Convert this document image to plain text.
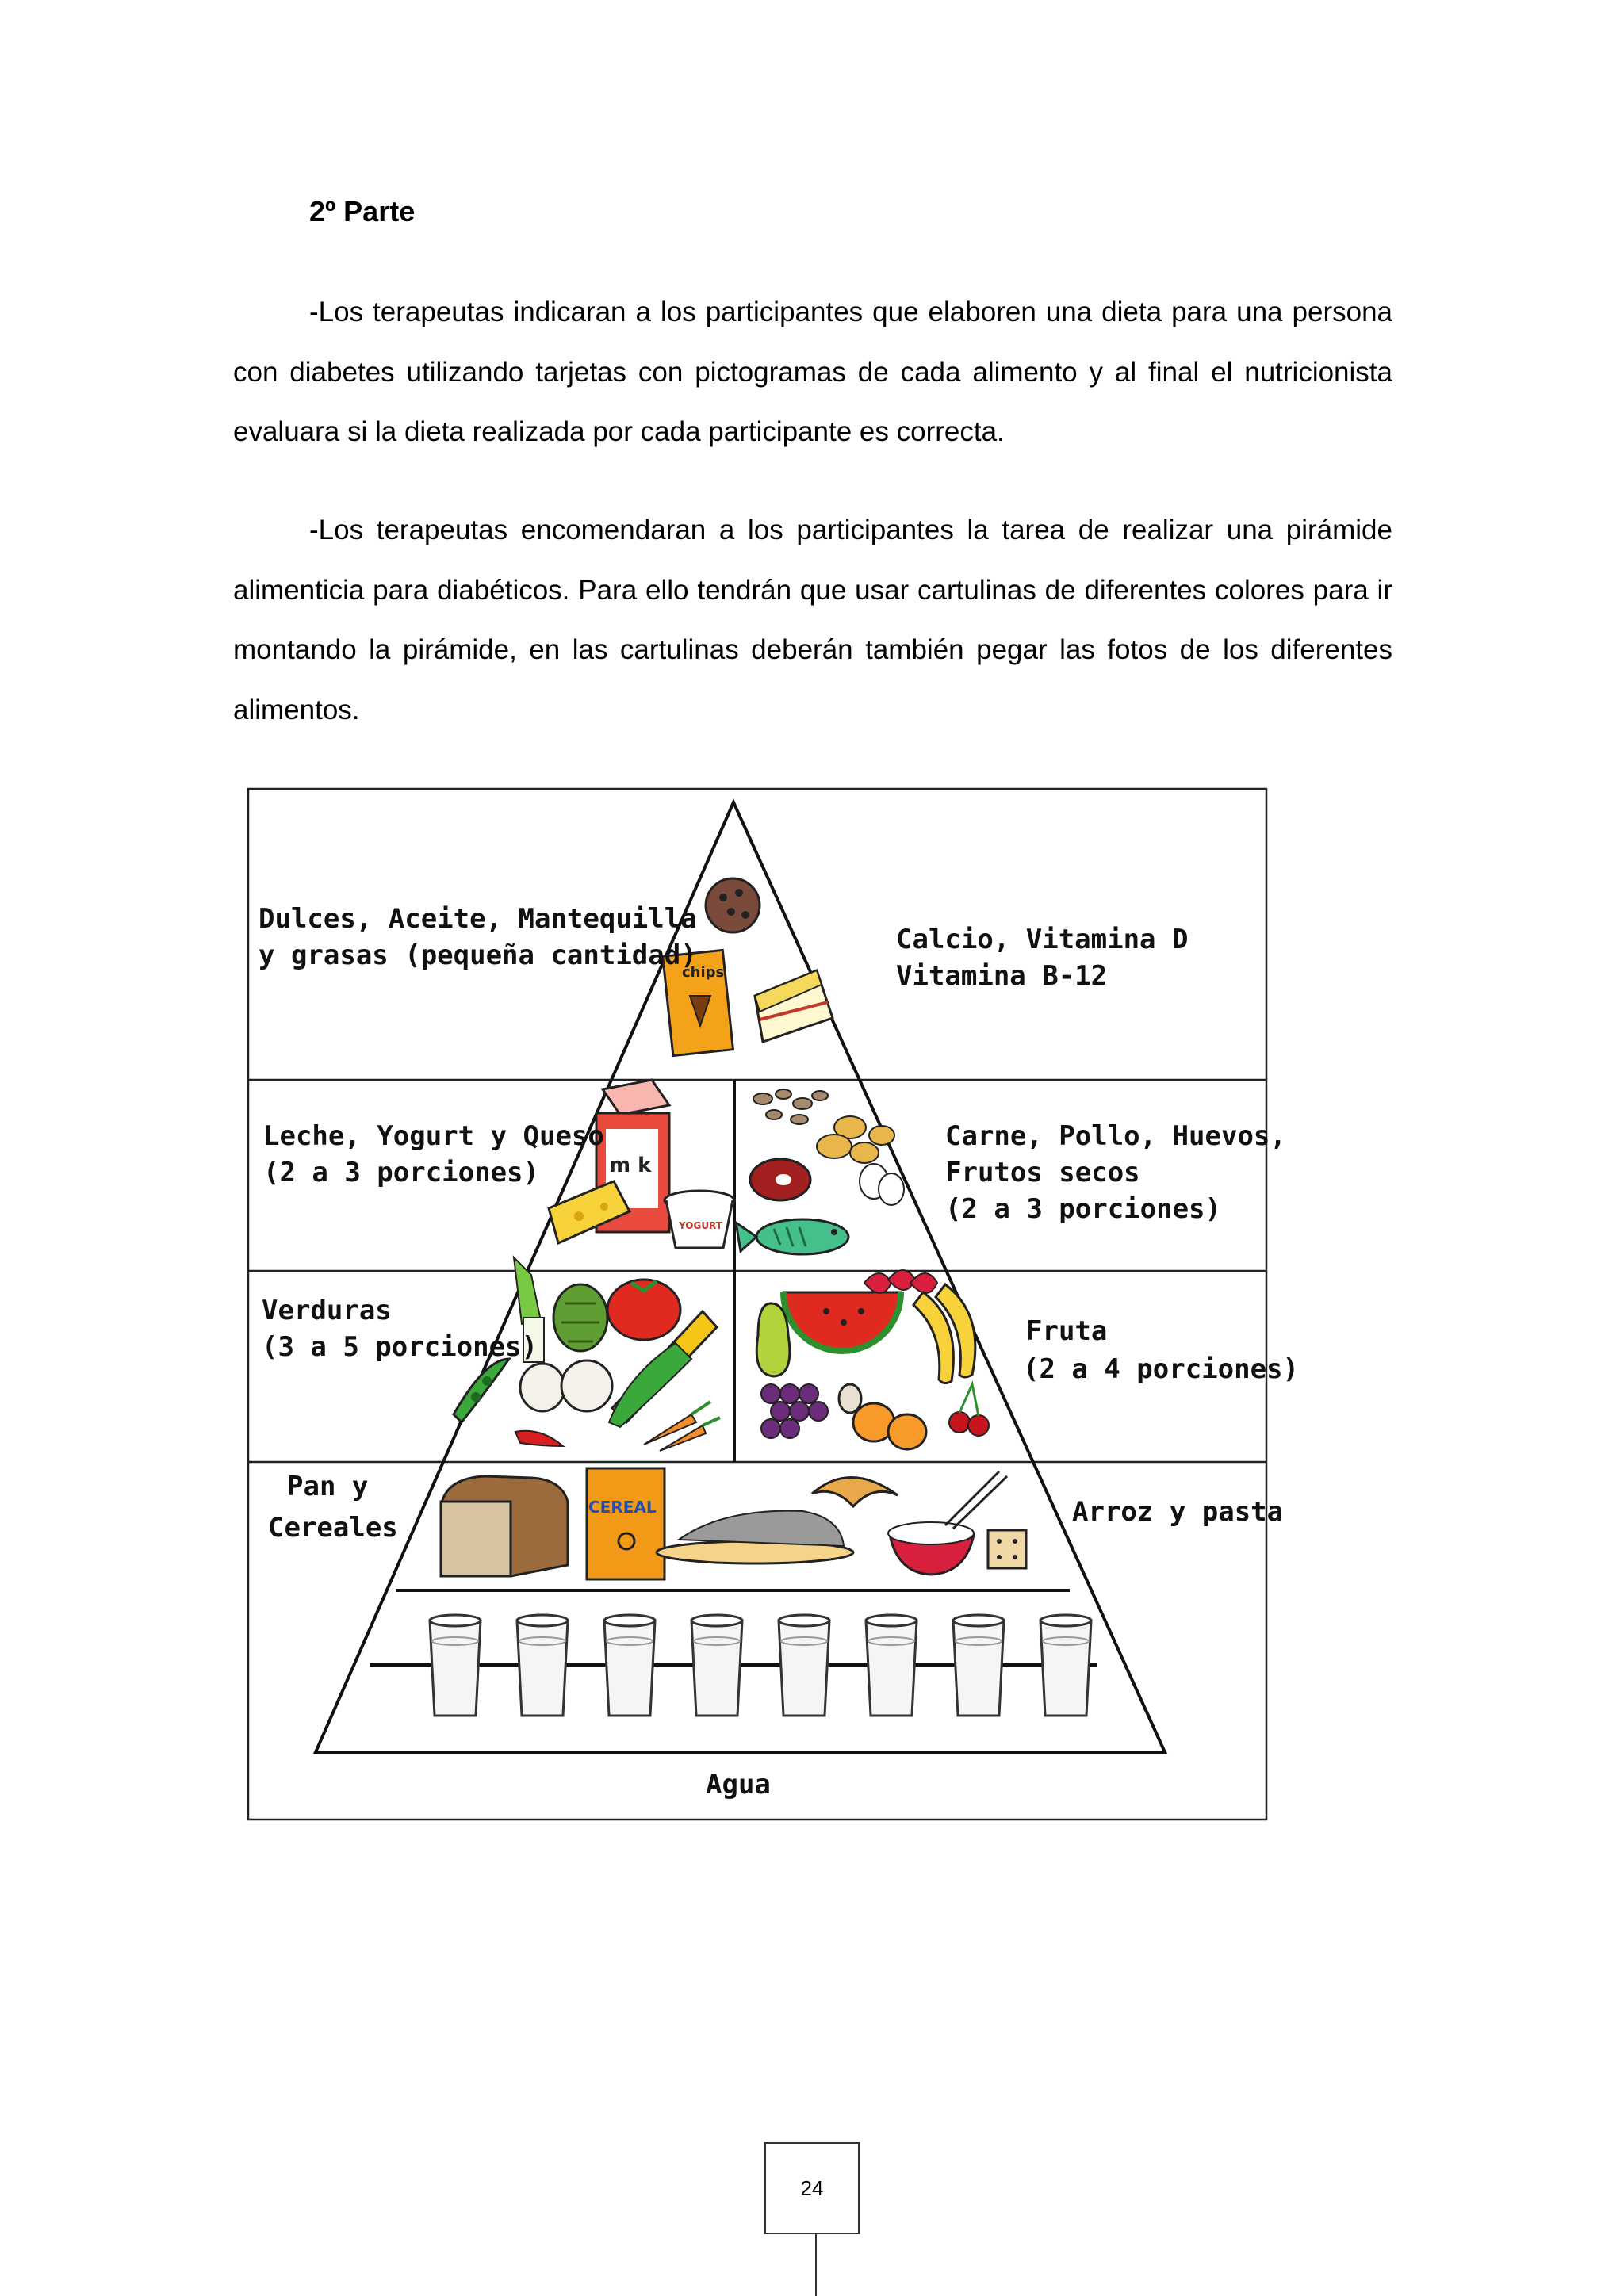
2º Parte

-Los terapeutas indicaran a los participantes que elaboren una dieta para una persona con diabetes utilizando tarjetas con pictogramas de cada alimento y al final el nutricionista evaluara si la dieta realizada por cada participante es correcta.

-Los terapeutas encomendaran a los participantes la tarea de realizar una pirámide alimenticia para diabéticos. Para ello tendrán que usar cartulinas de diferentes colores para ir montando la pirámide, en las cartulinas deberán también pegar las fotos de los diferentes alimentos.

chips
m k
YOGURT
CEREAL
Dulces, Aceite, Mantequilla
y grasas (pequeña cantidad)	Calcio, Vitamina D
Vitamina B-12
Leche, Yogurt y Queso
(2 a 3 porciones)
Carne, Pollo, Huevos,
Frutos secos
(2 a 3 porciones)
Verduras
(3 a 5 porciones)	Fruta
(2 a 4 porciones)
Pan y
Cereales	Arroz y pasta
Agua
24
